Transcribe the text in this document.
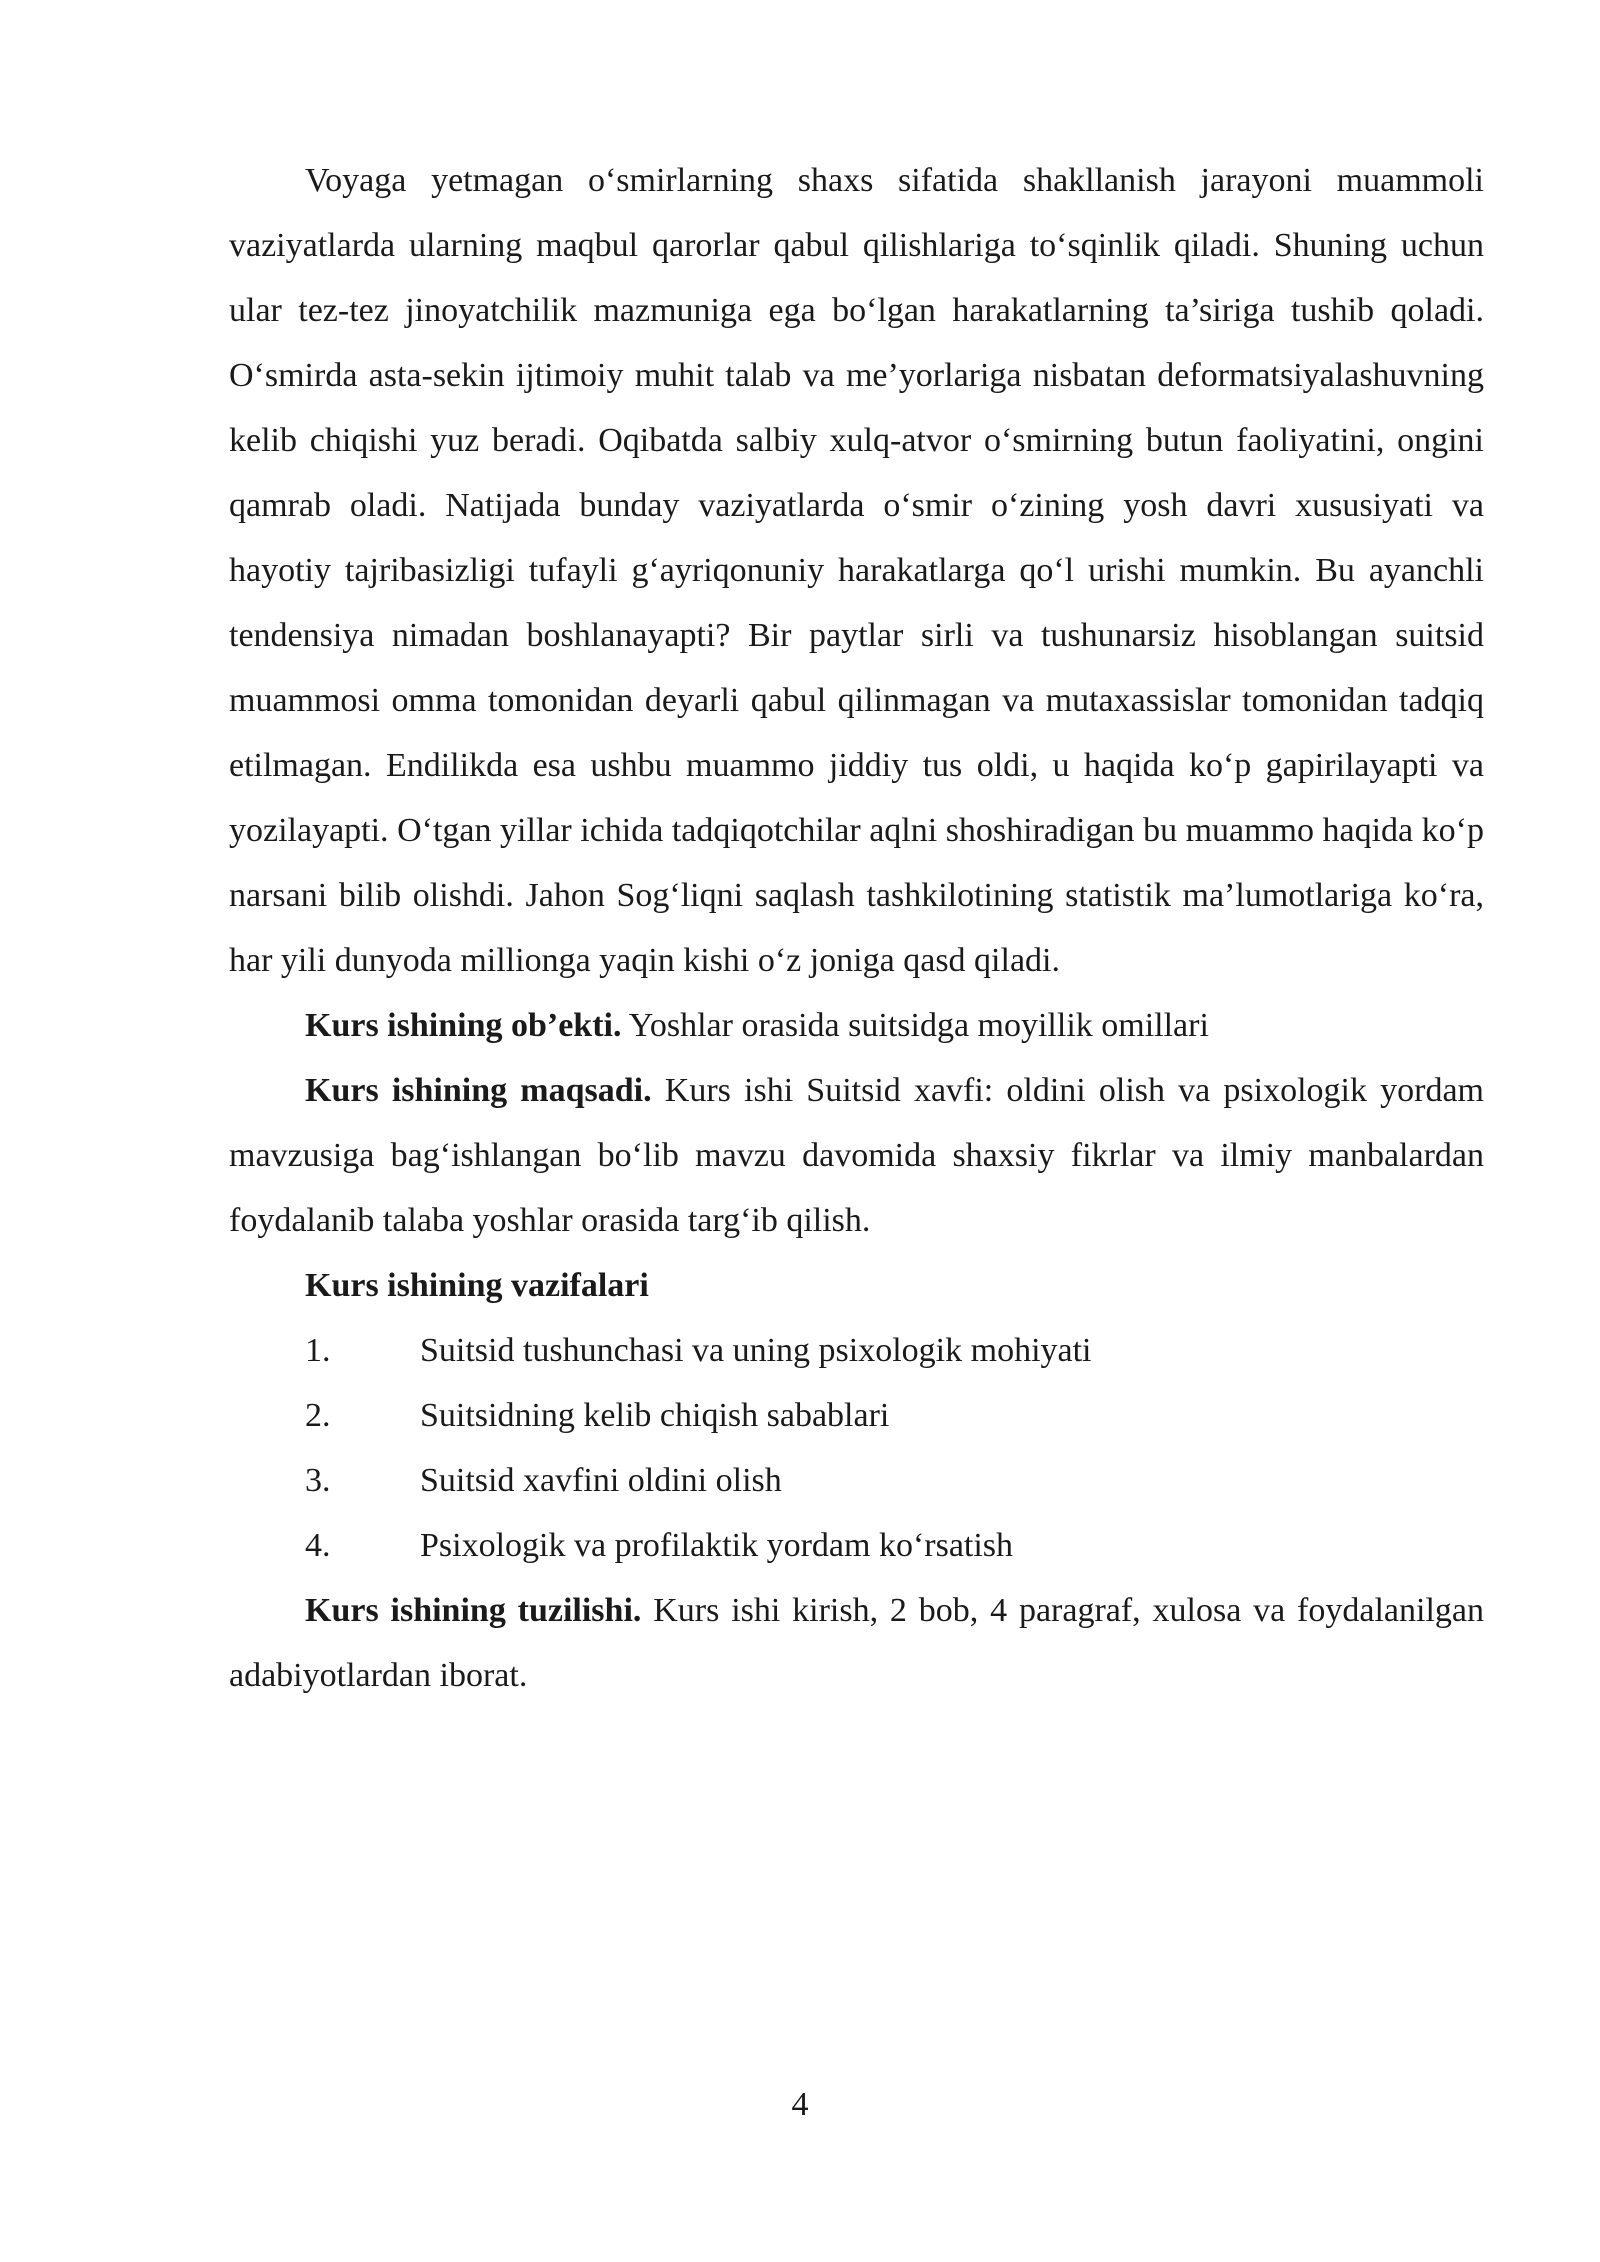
Voyaga yetmagan o‘smirlarning shaxs sifatida shakllanish jarayoni muammoli vaziyatlarda ularning maqbul qarorlar qabul qilishlariga to‘sqinlik qiladi. Shuning uchun ular tez-tez jinoyatchilik mazmuniga ega bo‘lgan harakatlarning ta’siriga tushib qoladi. O‘smirda asta-sekin ijtimoiy muhit talab va me’yorlariga nisbatan deformatsiyalashuvning kelib chiqishi yuz beradi. Oqibatda salbiy xulq-atvor o‘smirning butun faoliyatini, ongini qamrab oladi. Natijada bunday vaziyatlarda o‘smir o‘zining yosh davri xususiyati va hayotiy tajribasizligi tufayli g‘ayriqonuniy harakatlarga qo‘l urishi mumkin. Bu ayanchli tendensiya nimadan boshlanayapti? Bir paytlar sirli va tushunarsiz hisoblangan suitsid muammosi omma tomonidan deyarli qabul qilinmagan va mutaxassislar tomonidan tadqiq etilmagan. Endilikda esa ushbu muammo jiddiy tus oldi, u haqida ko‘p gapirilayapti va yozilayapti. O‘tgan yillar ichida tadqiqotchilar aqlni shoshiradigan bu muammo haqida ko‘p narsani bilib olishdi. Jahon Sog‘liqni saqlash tashkilotining statistik ma’lumotlariga ko‘ra, har yili dunyoda millionga yaqin kishi o‘z joniga qasd qiladi.

Kurs ishining ob’ekti. Yoshlar orasida suitsidga moyillik omillari

Kurs ishining maqsadi. Kurs ishi Suitsid xavfi: oldini olish va psixologik yordam mavzusiga bag‘ishlangan bo‘lib mavzu davomida shaxsiy fikrlar va ilmiy manbalardan foydalanib talaba yoshlar orasida targ‘ib qilish.

Kurs ishining vazifalari

1.	Suitsid tushunchasi va uning psixologik mohiyati
2.	Suitsidning kelib chiqish sabablari
3.	Suitsid xavfini oldini olish
4.	Psixologik va profilaktik yordam ko‘rsatish

Kurs ishining tuzilishi. Kurs ishi kirish, 2 bob, 4 paragraf, xulosa va foydalanilgan adabiyotlardan iborat.

4
